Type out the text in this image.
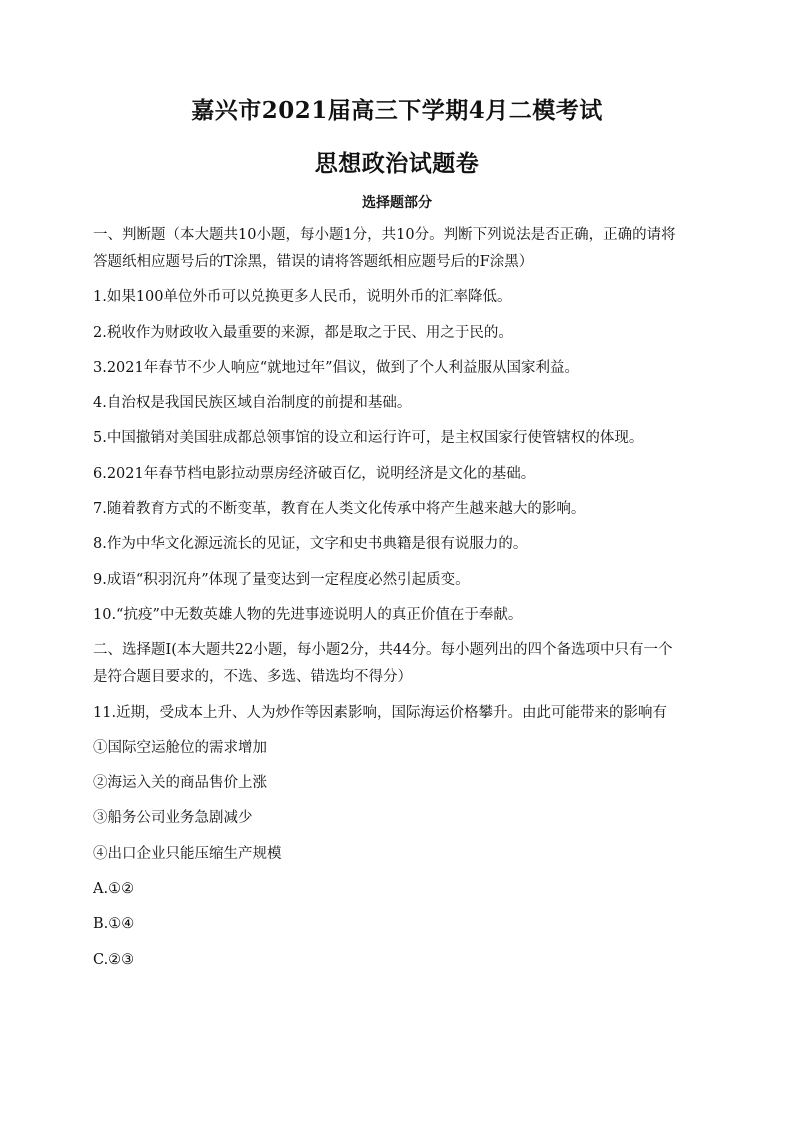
嘉兴市2021届高三下学期4月二模考试
思想政治试题卷
选择题部分
一、判断题（本大题共10小题，每小题1分，共10分。判断下列说法是否正确，正确的请将
答题纸相应题号后的T涂黑，错误的请将答题纸相应题号后的F涂黑）
1.如果100单位外币可以兑换更多人民币，说明外币的汇率降低。
2.税收作为财政收入最重要的来源，都是取之于民、用之于民的。
3.2021年春节不少人响应“就地过年”倡议，做到了个人利益服从国家利益。
4.自治权是我国民族区域自治制度的前提和基础。
5.中国撤销对美国驻成都总领事馆的设立和运行许可，是主权国家行使管辖权的体现。
6.2021年春节档电影拉动票房经济破百亿，说明经济是文化的基础。
7.随着教育方式的不断变革，教育在人类文化传承中将产生越来越大的影响。
8.作为中华文化源远流长的见证，文字和史书典籍是很有说服力的。
9.成语“积羽沉舟”体现了量变达到一定程度必然引起质变。
10.“抗疫”中无数英雄人物的先进事迹说明人的真正价值在于奉献。
二、选择题Ⅰ(本大题共22小题，每小题2分，共44分。每小题列出的四个备选项中只有一个
是符合题目要求的，不选、多选、错选均不得分）
11.近期，受成本上升、人为炒作等因素影响，国际海运价格攀升。由此可能带来的影响有
①国际空运舱位的需求增加
②海运入关的商品售价上涨
③船务公司业务急剧减少
④出口企业只能压缩生产规模
A.①②
B.①④
C.②③
